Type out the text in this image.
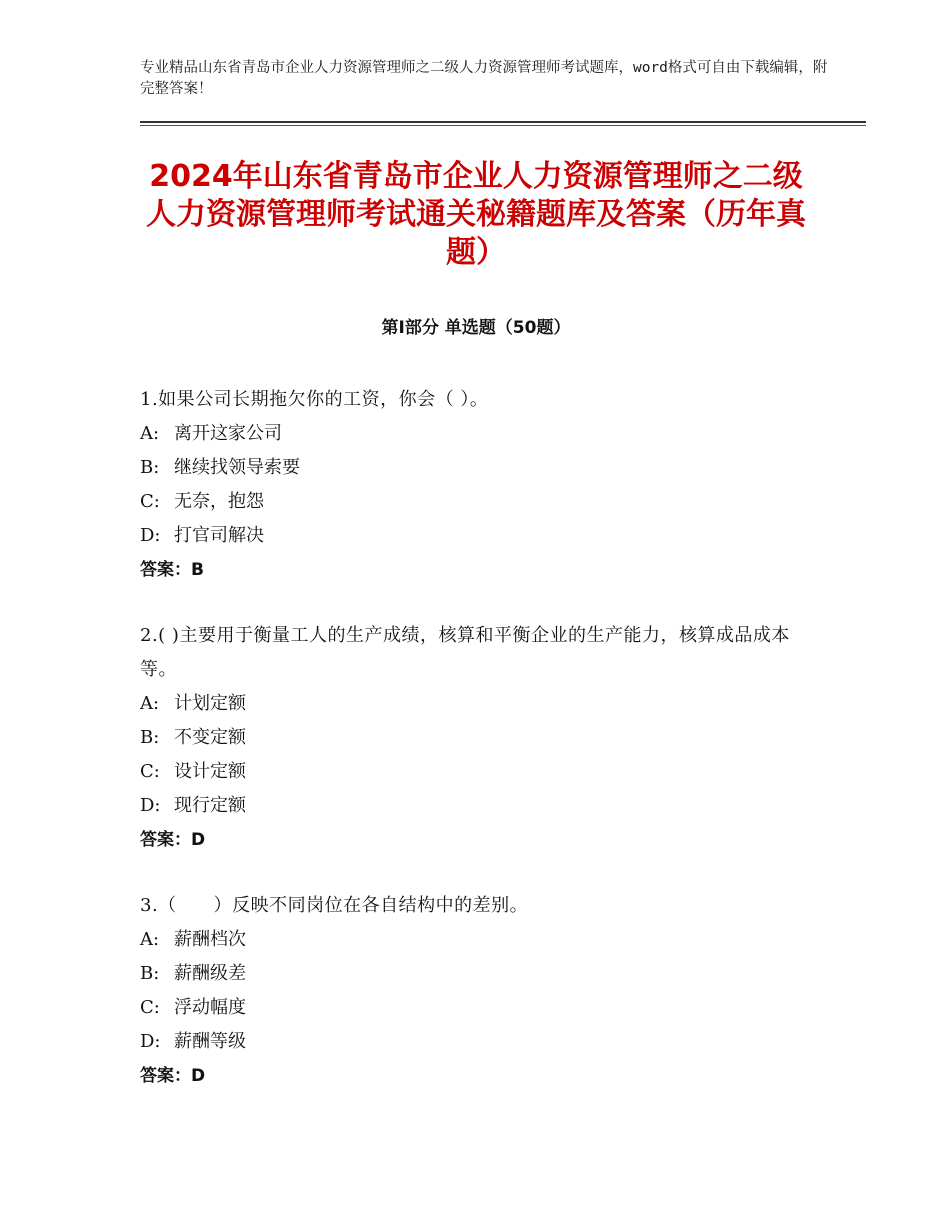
专业精品山东省青岛市企业人力资源管理师之二级人力资源管理师考试题库，word格式可自由下载编辑，附完整答案！
2024年山东省青岛市企业人力资源管理师之二级人力资源管理师考试通关秘籍题库及答案（历年真题）
第Ⅰ部分 单选题（50题）
1.如果公司长期拖欠你的工资，你会（ ）。
A: 离开这家公司
B: 继续找领导索要
C: 无奈，抱怨
D: 打官司解决
答案：B
2.( )主要用于衡量工人的生产成绩，核算和平衡企业的生产能力，核算成品成本等。
A: 计划定额
B: 不变定额
C: 设计定额
D: 现行定额
答案：D
3.（　　）反映不同岗位在各自结构中的差别。
A: 薪酬档次
B: 薪酬级差
C: 浮动幅度
D: 薪酬等级
答案：D
